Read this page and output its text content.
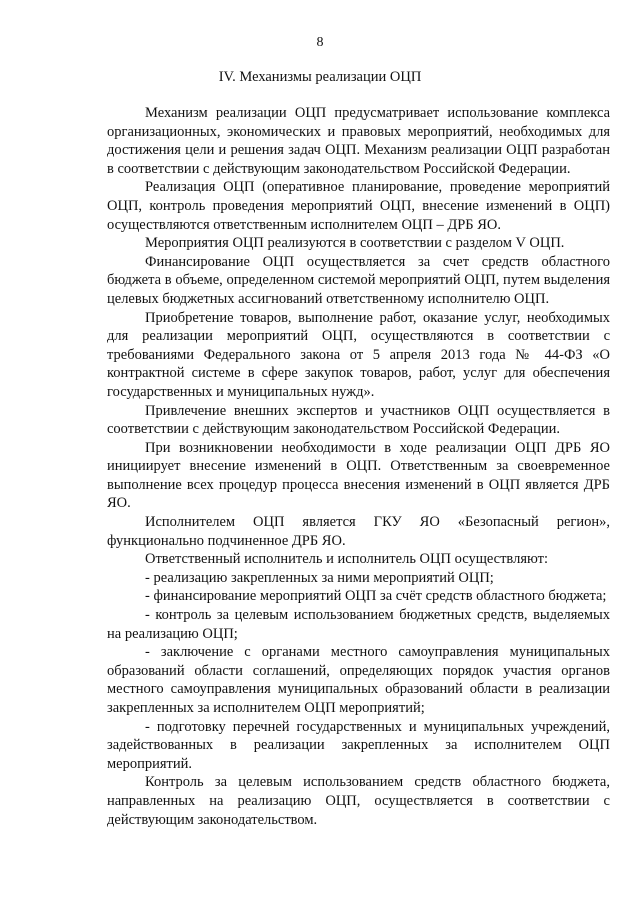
8
IV. Механизмы реализации ОЦП

Механизм реализации ОЦП предусматривает использование комплекса организационных, экономических и правовых мероприятий, необходимых для достижения цели и решения задач ОЦП. Механизм реализации ОЦП разработан в соответствии с действующим законодательством Российской Федерации.

Реализация ОЦП (оперативное планирование, проведение мероприятий ОЦП, контроль проведения мероприятий ОЦП, внесение изменений в ОЦП) осуществляются ответственным исполнителем ОЦП – ДРБ ЯО.

Мероприятия ОЦП реализуются в соответствии с разделом V ОЦП.

Финансирование ОЦП осуществляется за счет средств областного бюджета в объеме, определенном системой мероприятий ОЦП, путем выделения целевых бюджетных ассигнований ответственному исполнителю ОЦП.

Приобретение товаров, выполнение работ, оказание услуг, необходимых для реализации мероприятий ОЦП, осуществляются в соответствии с требованиями Федерального закона от 5 апреля 2013 года № 44-ФЗ «О контрактной системе в сфере закупок товаров, работ, услуг для обеспечения государственных и муниципальных нужд».

Привлечение внешних экспертов и участников ОЦП осуществляется в соответствии с действующим законодательством Российской Федерации.

При возникновении необходимости в ходе реализации ОЦП ДРБ ЯО инициирует внесение изменений в ОЦП. Ответственным за своевременное выполнение всех процедур процесса внесения изменений в ОЦП является ДРБ ЯО.

Исполнителем ОЦП является ГКУ ЯО «Безопасный регион», функционально подчиненное ДРБ ЯО.

Ответственный исполнитель и исполнитель ОЦП осуществляют:

- реализацию закрепленных за ними мероприятий ОЦП;

- финансирование мероприятий ОЦП за счёт средств областного бюджета;

- контроль за целевым использованием бюджетных средств, выделяемых на реализацию ОЦП;

- заключение с органами местного самоуправления муниципальных образований области соглашений, определяющих порядок участия органов местного самоуправления муниципальных образований области в реализации закрепленных за исполнителем ОЦП мероприятий;

- подготовку перечней государственных и муниципальных учреждений, задействованных в реализации закрепленных за исполнителем ОЦП мероприятий.

Контроль за целевым использованием средств областного бюджета, направленных на реализацию ОЦП, осуществляется в соответствии с действующим законодательством.
